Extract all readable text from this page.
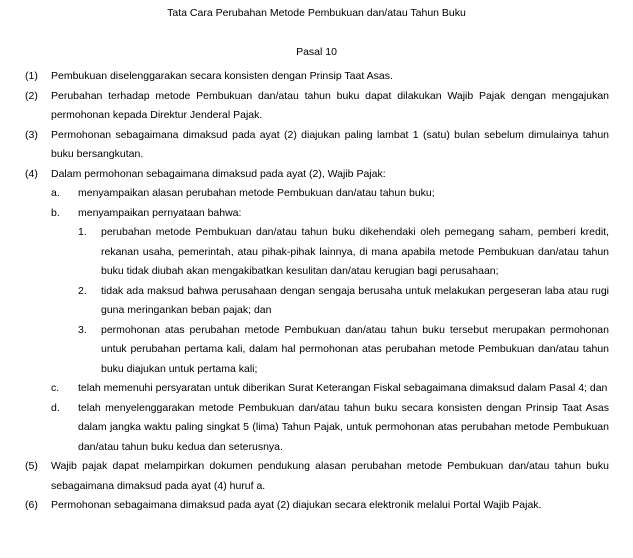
Tata Cara Perubahan Metode Pembukuan dan/atau Tahun Buku
Pasal 10
(1) Pembukuan diselenggarakan secara konsisten dengan Prinsip Taat Asas.
(2) Perubahan terhadap metode Pembukuan dan/atau tahun buku dapat dilakukan Wajib Pajak dengan mengajukan permohonan kepada Direktur Jenderal Pajak.
(3) Permohonan sebagaimana dimaksud pada ayat (2) diajukan paling lambat 1 (satu) bulan sebelum dimulainya tahun buku bersangkutan.
(4) Dalam permohonan sebagaimana dimaksud pada ayat (2), Wajib Pajak:
a. menyampaikan alasan perubahan metode Pembukuan dan/atau tahun buku;
b. menyampaikan pernyataan bahwa:
1. perubahan metode Pembukuan dan/atau tahun buku dikehendaki oleh pemegang saham, pemberi kredit, rekanan usaha, pemerintah, atau pihak-pihak lainnya, di mana apabila metode Pembukuan dan/atau tahun buku tidak diubah akan mengakibatkan kesulitan dan/atau kerugian bagi perusahaan;
2. tidak ada maksud bahwa perusahaan dengan sengaja berusaha untuk melakukan pergeseran laba atau rugi guna meringankan beban pajak; dan
3. permohonan atas perubahan metode Pembukuan dan/atau tahun buku tersebut merupakan permohonan untuk perubahan pertama kali, dalam hal permohonan atas perubahan metode Pembukuan dan/atau tahun buku diajukan untuk pertama kali;
c. telah memenuhi persyaratan untuk diberikan Surat Keterangan Fiskal sebagaimana dimaksud dalam Pasal 4; dan
d. telah menyelenggarakan metode Pembukuan dan/atau tahun buku secara konsisten dengan Prinsip Taat Asas dalam jangka waktu paling singkat 5 (lima) Tahun Pajak, untuk permohonan atas perubahan metode Pembukuan dan/atau tahun buku kedua dan seterusnya.
(5) Wajib pajak dapat melampirkan dokumen pendukung alasan perubahan metode Pembukuan dan/atau tahun buku sebagaimana dimaksud pada ayat (4) huruf a.
(6) Permohonan sebagaimana dimaksud pada ayat (2) diajukan secara elektronik melalui Portal Wajib Pajak.
